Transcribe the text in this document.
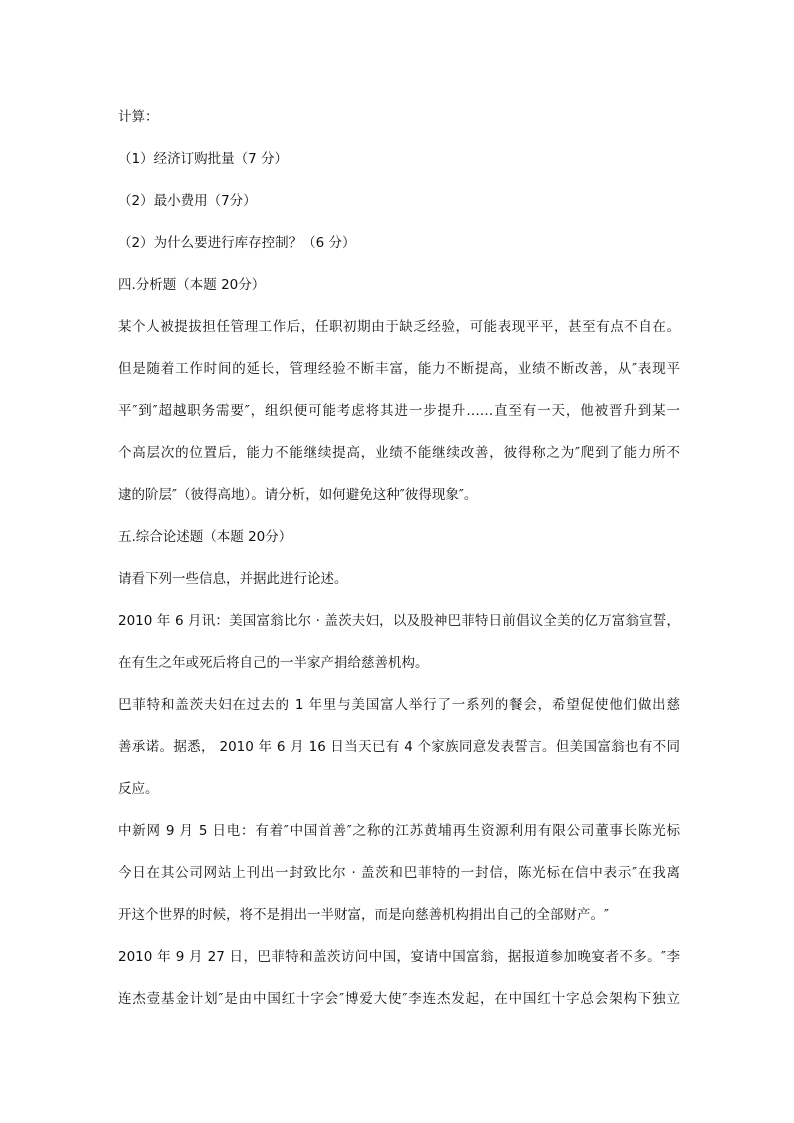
计算：
（1）经济订购批量（7 分）
（2）最小费用（7分）
（2）为什么要进行库存控制？（6 分）
四.分析题（本题 20分）
某个人被提拔担任管理工作后，任职初期由于缺乏经验，可能表现平平，甚至有点不自在。
但是随着工作时间的延长，管理经验不断丰富，能力不断提高，业绩不断改善，从″表现平
平″到″超越职务需要″，组织便可能考虑将其进一步提升……直至有一天，他被晋升到某一
个高层次的位置后，能力不能继续提高，业绩不能继续改善，彼得称之为″爬到了能力所不
逮的阶层″（彼得高地）。请分析，如何避免这种″彼得现象″。
五.综合论述题（本题 20分）
请看下列一些信息，并据此进行论述。
2010 年 6 月讯：美国富翁比尔 · 盖茨夫妇，以及股神巴菲特日前倡议全美的亿万富翁宣誓，
在有生之年或死后将自己的一半家产捐给慈善机构。
巴菲特和盖茨夫妇在过去的 1 年里与美国富人举行了一系列的餐会，希望促使他们做出慈
善承诺。据悉， 2010 年 6 月 16 日当天已有 4 个家族同意发表誓言。但美国富翁也有不同
反应。
中新网 9 月 5 日电：有着″中国首善″之称的江苏黄埔再生资源利用有限公司董事长陈光标
今日在其公司网站上刊出一封致比尔 · 盖茨和巴菲特的一封信，陈光标在信中表示″在我离
开这个世界的时候，将不是捐出一半财富，而是向慈善机构捐出自己的全部财产。″
2010 年 9 月 27 日，巴菲特和盖茨访问中国，宴请中国富翁，据报道参加晚宴者不多。″李
连杰壹基金计划″是由中国红十字会″博爱大使″李连杰发起，在中国红十字总会架构下独立
